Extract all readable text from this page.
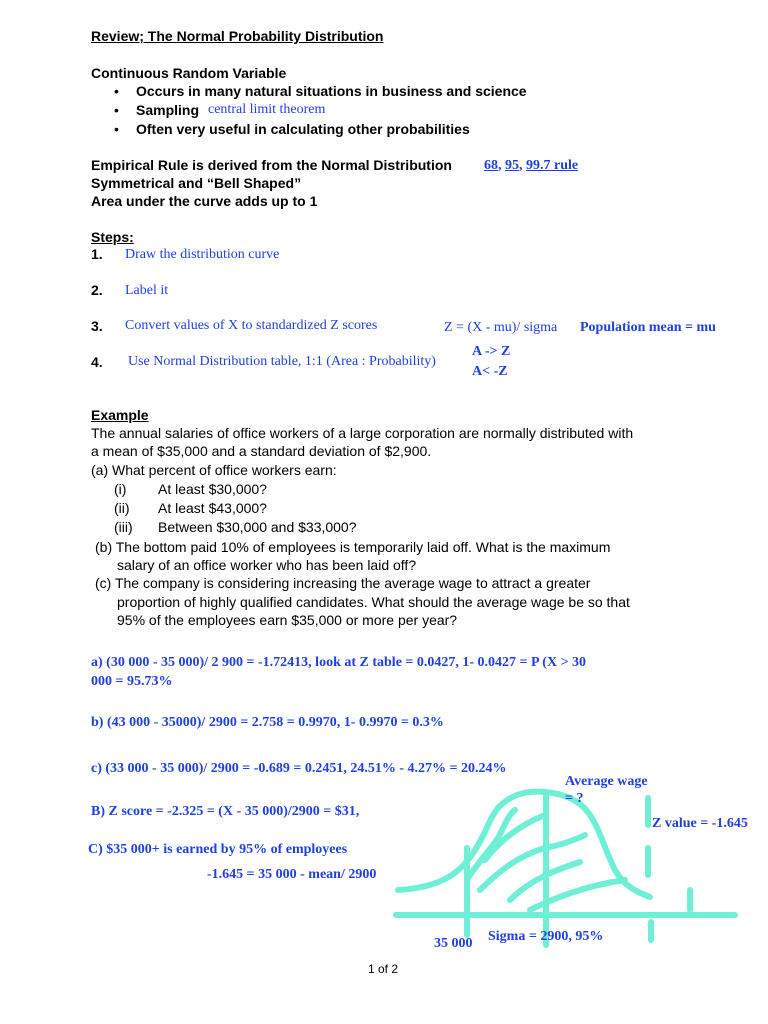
Review; The Normal Probability Distribution
Continuous Random Variable
• Occurs in many natural situations in business and science
• Sampling central limit theorem
• Often very useful in calculating other probabilities
Empirical Rule is derived from the Normal Distribution 68, 95, 99.7 rule
Symmetrical and “Bell Shaped”
Area under the curve adds up to 1
Steps:
1. Draw the distribution curve
2. Label it
3. Convert values of X to standardized Z scores	Z = (X - mu)/ sigma Population mean = mu
4. Use Normal Distribution table, 1:1 (Area : Probability)
A -> Z
A< -Z
Example
The annual salaries of office workers of a large corporation are normally distributed with
a mean of $35,000 and a standard deviation of $2,900.
(a) What percent of office workers earn:
(i) At least $30,000?
(ii) At least $43,000?
(iii) Between $30,000 and $33,000?
(b) The bottom paid 10% of employees is temporarily laid off. What is the maximum
salary of an office worker who has been laid off?
(c) The company is considering increasing the average wage to attract a greater
proportion of highly qualified candidates. What should the average wage be so that
95% of the employees earn $35,000 or more per year?
a) (30 000 - 35 000)/ 2 900 = -1.72413, look at Z table = 0.0427, 1- 0.0427 = P (X > 30
000 = 95.73%
b) (43 000 - 35000)/ 2900 = 2.758 = 0.9970, 1- 0.9970 = 0.3%
c) (33 000 - 35 000)/ 2900 = -0.689 = 0.2451, 24.51% - 4.27% = 20.24%
B) Z score = -2.325 = (X - 35 000)/2900 = $31,
C) $35 000+ is earned by 95% of employees
-1.645 = 35 000 - mean/ 2900
Average wage
= ?
Z value = -1.645
35 000 Sigma = 2900, 95%
1 of 2
